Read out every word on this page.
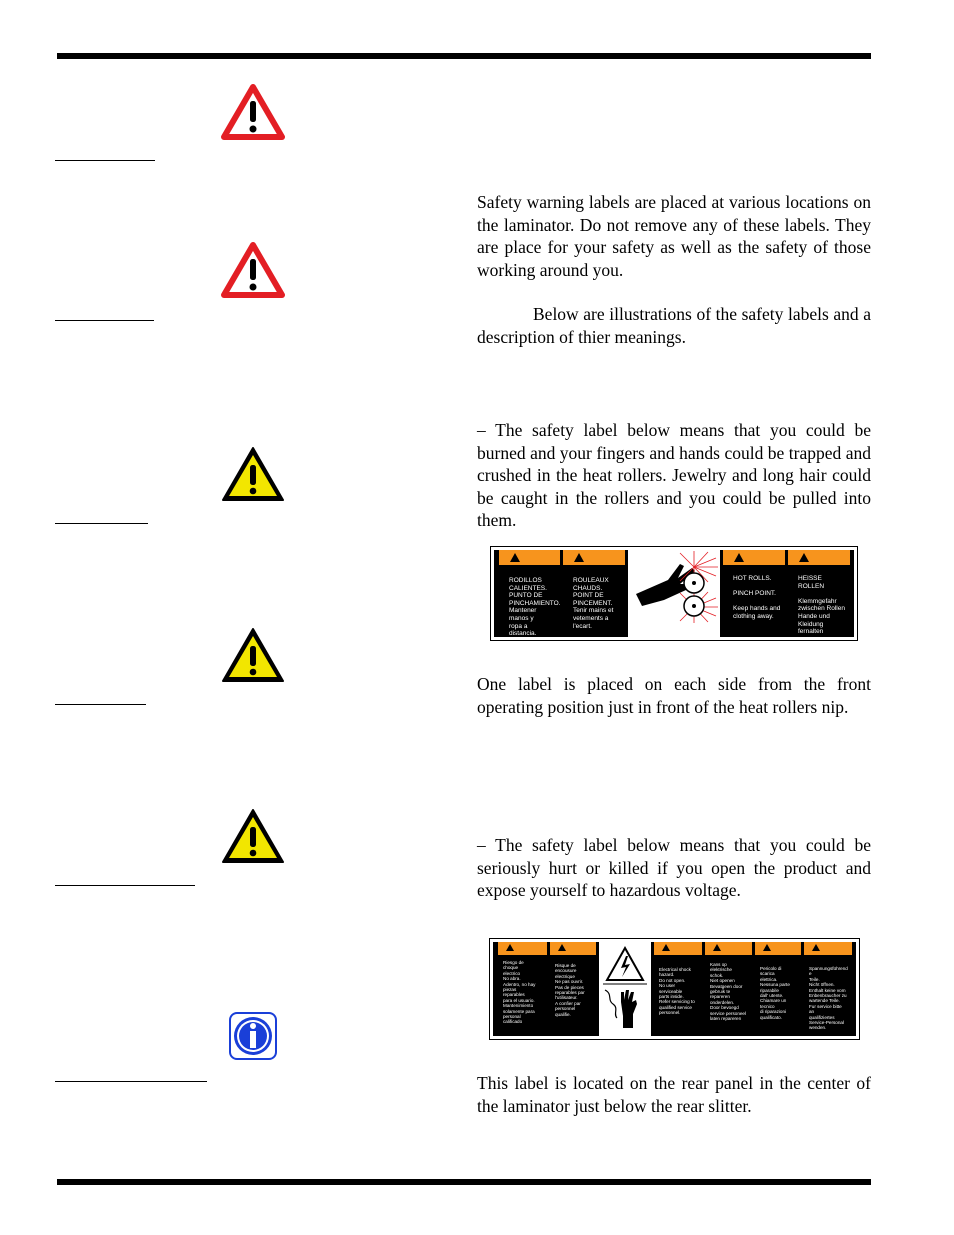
Safety warning labels are placed at various locations on the laminator. Do not remove any of these labels. They are place for your safety as well as the safety of those working around you.

Below are illustrations of the safety labels and a description of thier meanings.

– The safety label below means that you could be burned and your fingers and hands could be trapped and crushed in the heat rollers. Jewelry and long hair could be caught in the rollers and you could be pulled into them.

RODILLOS
CALIENTES.
PUNTO DE
PINCHAMIENTO.
Mantener manos y
ropa a distancia.
ROULEAUX
CHAUDS.
POINT DE
PINCEMENT.
Tenir mains et
vetements a l'ecart.
HOT ROLLS.

PINCH POINT.

Keep hands and
clothing away.
HEISSE
ROLLEN

Klemmgefahr
zwischen Rollen
Hande und
Kleidung fernalten

One label is placed on each side from the front operating position just in front of the heat rollers nip.

– The safety label below means that you could be seriously hurt or killed if you open the product and expose yourself to hazardous voltage.

Riesgo de
choque
electrico
No abra.
Adentro, no hay
piezas
reparables
para el usuario.
Mantenimiento
solamente para
personal
calificado
Risque de
encousure
electrique
Ne pas ouvrir.
Pas de pieces
reparables par
l'utilisateur.
A confier par
personnel
qualifie.
Electrical shock
hazard.
Do not open.
No user
serviceable
parts inside.
Refer servicing to
qualified service
personnel.
Kans op
elektrische
schok.
Niet openen
Bevatgeen door
gebruik te
repareren
onderdelen.
Door bevoegd
service personeel
laten repareren
Pericolo di
scarica
elettrica.
Nessuna parte
riparabile
dall' utente.
Chiamare un
tecnico
di riparazioni
qualificato.
Spannungsführend
e
Teile.
Nicht öffnen.
Enthalt keine vom
Enbenbraucher zu
wartende Teile.
Fur service bitte an
qualifiziertes
Service-Personal
wenden.

This label is located on the rear panel in the center of the laminator just below the rear slitter.
